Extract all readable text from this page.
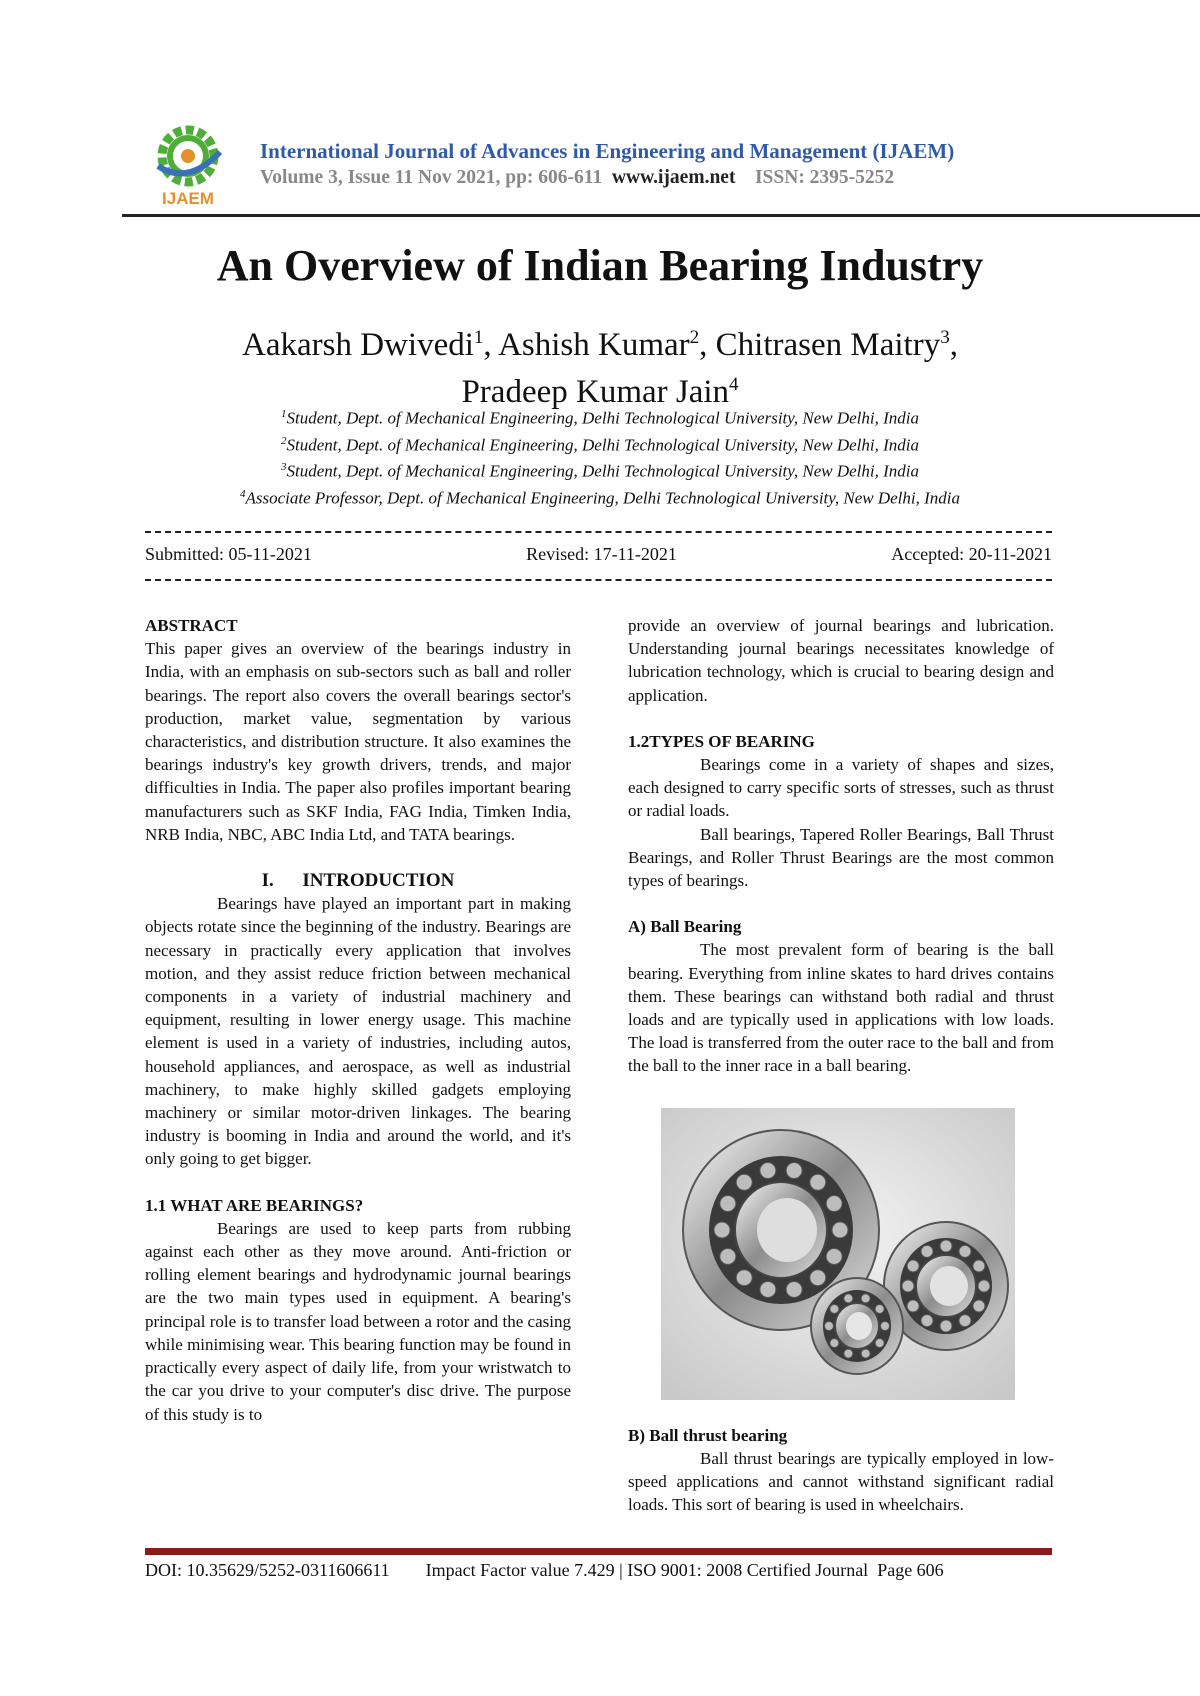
IJAEM
International Journal of Advances in Engineering and Management (IJAEM)
Volume 3, Issue 11 Nov 2021, pp: 606-611 www.ijaem.net ISSN: 2395-5252
An Overview of Indian Bearing Industry
Aakarsh Dwivedi$^1$, Ashish Kumar$^2$, Chitrasen Maitry$^3$,
Pradeep Kumar Jain$^4$
$^1$Student, Dept. of Mechanical Engineering, Delhi Technological University, New Delhi, India
$^2$Student, Dept. of Mechanical Engineering, Delhi Technological University, New Delhi, India
$^3$Student, Dept. of Mechanical Engineering, Delhi Technological University, New Delhi, India
$^4$Associate Professor, Dept. of Mechanical Engineering, Delhi Technological University, New Delhi, India
Submitted: 05-11-2021	Revised: 17-11-2021	Accepted: 20-11-2021
ABSTRACT

This paper gives an overview of the bearings industry in India, with an emphasis on sub-sectors such as ball and roller bearings. The report also covers the overall bearings sector's production, market value, segmentation by various characteristics, and distribution structure. It also examines the bearings industry's key growth drivers, trends, and major difficulties in India. The paper also profiles important bearing manufacturers such as SKF India, FAG India, Timken India, NRB India, NBC, ABC India Ltd, and TATA bearings.

I. INTRODUCTION

Bearings have played an important part in making objects rotate since the beginning of the industry. Bearings are necessary in practically every application that involves motion, and they assist reduce friction between mechanical components in a variety of industrial machinery and equipment, resulting in lower energy usage. This machine element is used in a variety of industries, including autos, household appliances, and aerospace, as well as industrial machinery, to make highly skilled gadgets employing machinery or similar motor-driven linkages. The bearing industry is booming in India and around the world, and it's only going to get bigger.

1.1 WHAT ARE BEARINGS?

Bearings are used to keep parts from rubbing against each other as they move around. Anti-friction or rolling element bearings and hydrodynamic journal bearings are the two main types used in equipment. A bearing's principal role is to transfer load between a rotor and the casing while minimising wear. This bearing function may be found in practically every aspect of daily life, from your wristwatch to the car you drive to your computer's disc drive. The purpose of this study is to

provide an overview of journal bearings and lubrication. Understanding journal bearings necessitates knowledge of lubrication technology, which is crucial to bearing design and application.

1.2TYPES OF BEARING

Bearings come in a variety of shapes and sizes, each designed to carry specific sorts of stresses, such as thrust or radial loads.

Ball bearings, Tapered Roller Bearings, Ball Thrust Bearings, and Roller Thrust Bearings are the most common types of bearings.

A) Ball Bearing

The most prevalent form of bearing is the ball bearing. Everything from inline skates to hard drives contains them. These bearings can withstand both radial and thrust loads and are typically used in applications with low loads. The load is transferred from the outer race to the ball and from the ball to the inner race in a ball bearing.

B) Ball thrust bearing

Ball thrust bearings are typically employed in low-speed applications and cannot withstand significant radial loads. This sort of bearing is used in wheelchairs.

DOI: 10.35629/5252-0311606611 Impact Factor value 7.429 | ISO 9001: 2008 Certified Journal Page 606
